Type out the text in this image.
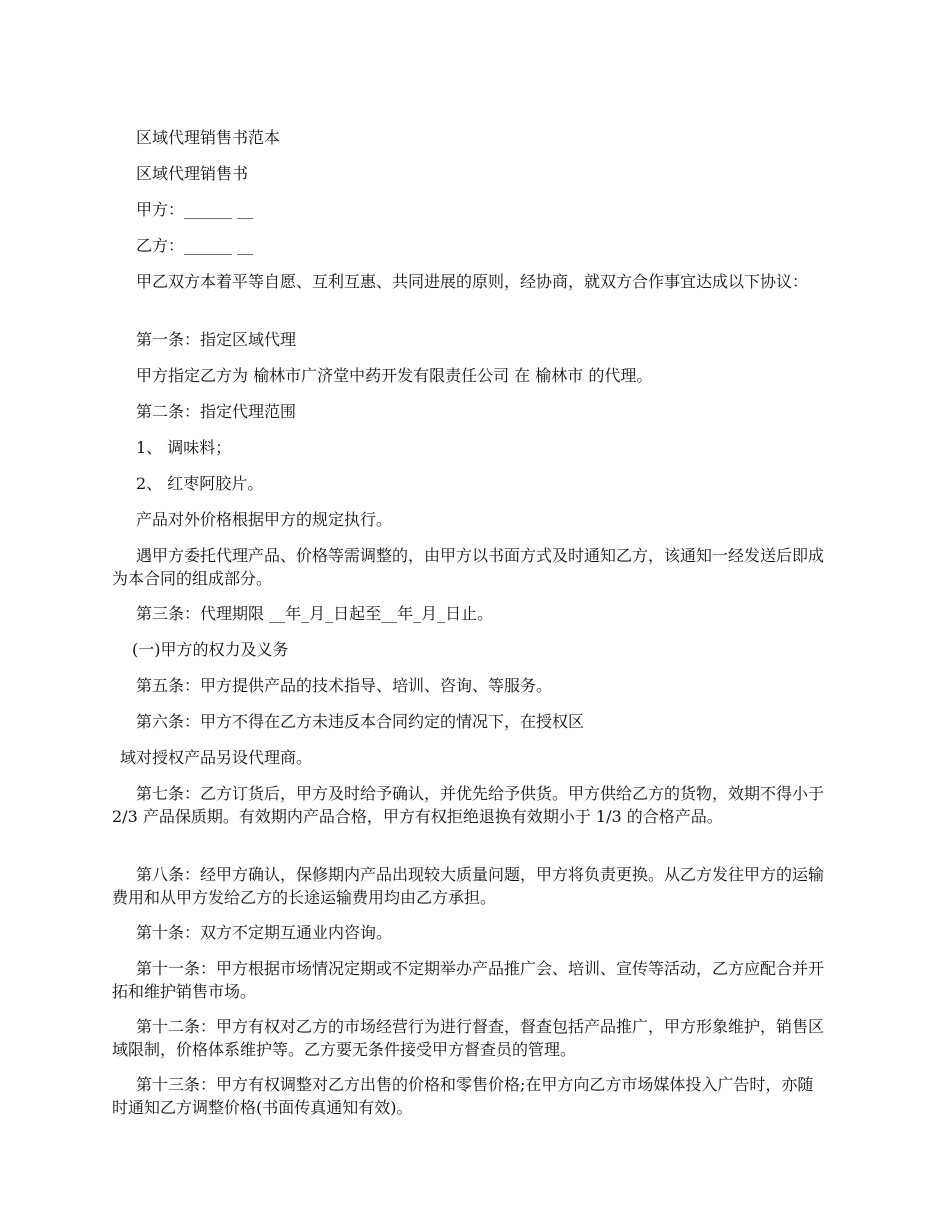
区域代理销售书范本

区域代理销售书

甲方：______ __

乙方：______ __

甲乙双方本着平等自愿、互利互惠、共同进展的原则，经协商，就双方合作事宜达成以下协议：

第一条：指定区域代理

甲方指定乙方为 榆林市广济堂中药开发有限责任公司 在 榆林市 的代理。

第二条：指定代理范围

1、 调味料；

2、 红枣阿胶片。

产品对外价格根据甲方的规定执行。

遇甲方委托代理产品、价格等需调整的，由甲方以书面方式及时通知乙方，该通知一经发送后即成为本合同的组成部分。

第三条：代理期限 __年_月_日起至__年_月_日止。

(一)甲方的权力及义务

第五条：甲方提供产品的技术指导、培训、咨询、等服务。

第六条：甲方不得在乙方未违反本合同约定的情况下，在授权区

域对授权产品另设代理商。

第七条：乙方订货后，甲方及时给予确认，并优先给予供货。甲方供给乙方的货物，效期不得小于 2/3 产品保质期。有效期内产品合格，甲方有权拒绝退换有效期小于 1/3 的合格产品。

第八条：经甲方确认，保修期内产品出现较大质量问题，甲方将负责更换。从乙方发往甲方的运输费用和从甲方发给乙方的长途运输费用均由乙方承担。

第十条：双方不定期互通业内咨询。

第十一条：甲方根据市场情况定期或不定期举办产品推广会、培训、宣传等活动，乙方应配合并开拓和维护销售市场。

第十二条：甲方有权对乙方的市场经营行为进行督查，督查包括产品推广，甲方形象维护，销售区域限制，价格体系维护等。乙方要无条件接受甲方督查员的管理。

第十三条：甲方有权调整对乙方出售的价格和零售价格;在甲方向乙方市场媒体投入广告时，亦随时通知乙方调整价格(书面传真通知有效)。
